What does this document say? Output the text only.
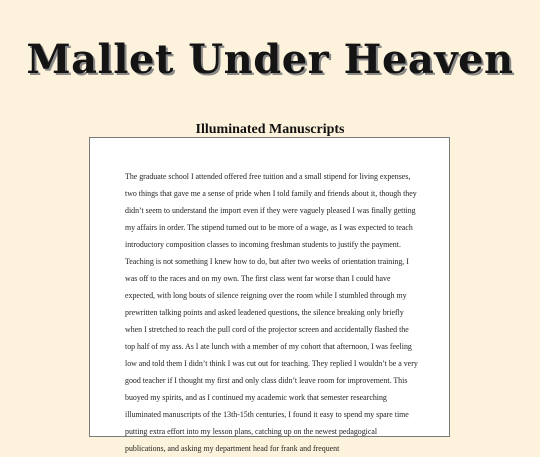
Mallet Under Heaven
Illuminated Manuscripts

The graduate school I attended offered free tuition and a small stipend for living expenses, two things that gave me a sense of pride when I told family and friends about it, though they didn’t seem to understand the import even if they were vaguely pleased I was finally getting my affairs in order. The stipend turned out to be more of a wage, as I was expected to teach introductory composition classes to incoming freshman students to justify the payment. Teaching is not something I knew how to do, but after two weeks of orientation training, I was off to the races and on my own. The first class went far worse than I could have expected, with long bouts of silence reigning over the room while I stumbled through my prewritten talking points and asked leadened questions, the silence breaking only briefly when I stretched to reach the pull cord of the projector screen and accidentally flashed the top half of my ass. As I ate lunch with a member of my cohort that afternoon, I was feeling low and told them I didn’t think I was cut out for teaching. They replied I wouldn’t be a very good teacher if I thought my first and only class didn’t leave room for improvement. This buoyed my spirits, and as I continued my academic work that semester researching illuminated manuscripts of the 13th-15th centuries, I found it easy to spend my spare time putting extra effort into my lesson plans, catching up on the newest pedagogical publications, and asking my department head for frank and frequent
